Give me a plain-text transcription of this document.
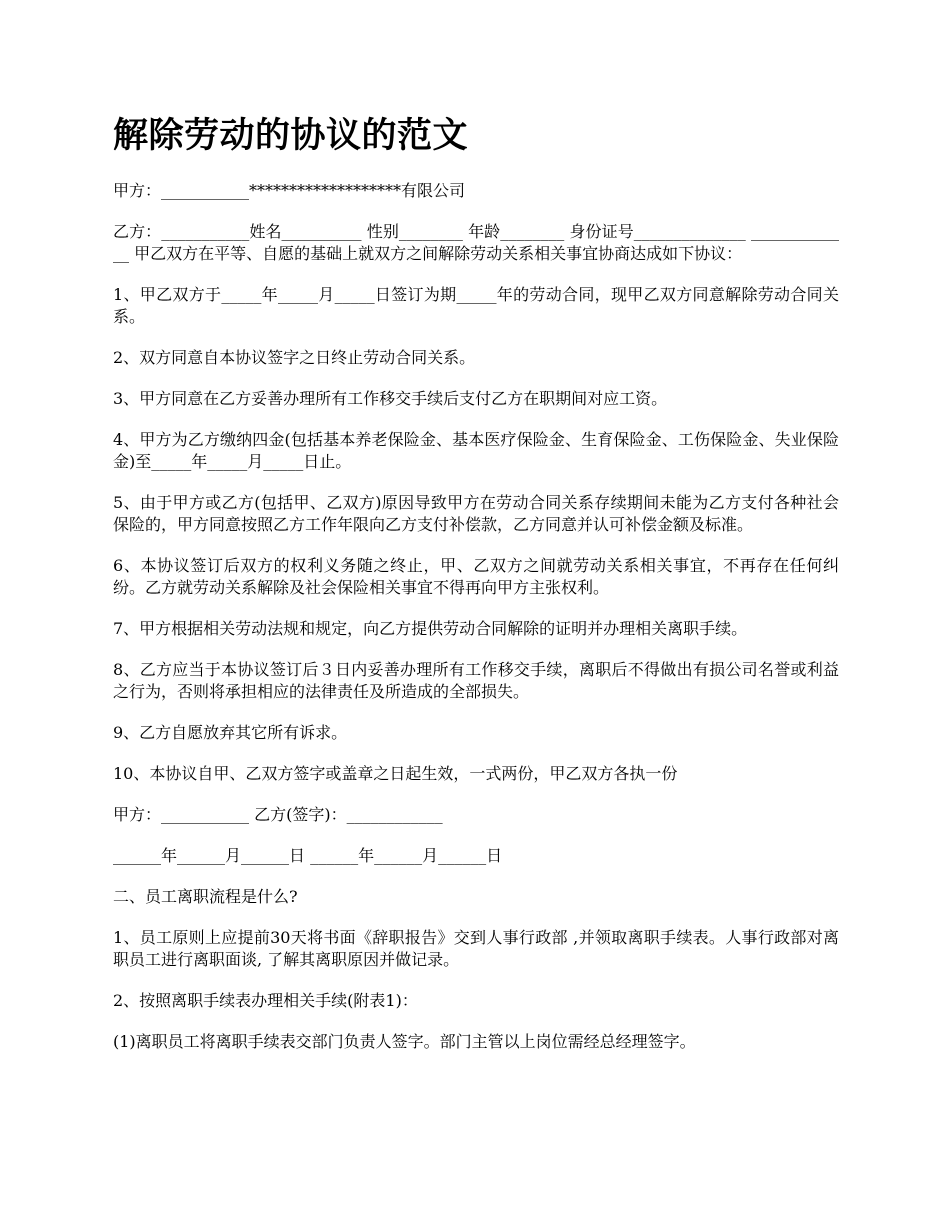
解除劳动的协议的范文

甲方：___________*******************有限公司

乙方：___________姓名__________ 性别________ 年龄________ 身份证号______________ _____________ 甲乙双方在平等、自愿的基础上就双方之间解除劳动关系相关事宜协商达成如下协议：

1、甲乙双方于_____年_____月_____日签订为期_____年的劳动合同，现甲乙双方同意解除劳动合同关系。

2、双方同意自本协议签字之日终止劳动合同关系。

3、甲方同意在乙方妥善办理所有工作移交手续后支付乙方在职期间对应工资。

4、甲方为乙方缴纳四金(包括基本养老保险金、基本医疗保险金、生育保险金、工伤保险金、失业保险金)至_____年_____月_____日止。

5、由于甲方或乙方(包括甲、乙双方)原因导致甲方在劳动合同关系存续期间未能为乙方支付各种社会保险的，甲方同意按照乙方工作年限向乙方支付补偿款，乙方同意并认可补偿金额及标准。

6、本协议签订后双方的权利义务随之终止，甲、乙双方之间就劳动关系相关事宜，不再存在任何纠纷。乙方就劳动关系解除及社会保险相关事宜不得再向甲方主张权利。

7、甲方根据相关劳动法规和规定，向乙方提供劳动合同解除的证明并办理相关离职手续。

8、乙方应当于本协议签订后３日内妥善办理所有工作移交手续，离职后不得做出有损公司名誉或利益之行为，否则将承担相应的法律责任及所造成的全部损失。

9、乙方自愿放弃其它所有诉求。

10、本协议自甲、乙双方签字或盖章之日起生效，一式两份，甲乙双方各执一份

甲方：___________ 乙方(签字)：____________

______年______月______日 ______年______月______日

二、员工离职流程是什么?

1、员工原则上应提前30天将书面《辞职报告》交到人事行政部 ,并领取离职手续表。人事行政部对离职员工进行离职面谈, 了解其离职原因并做记录。

2、按照离职手续表办理相关手续(附表1)：

(1)离职员工将离职手续表交部门负责人签字。部门主管以上岗位需经总经理签字。
